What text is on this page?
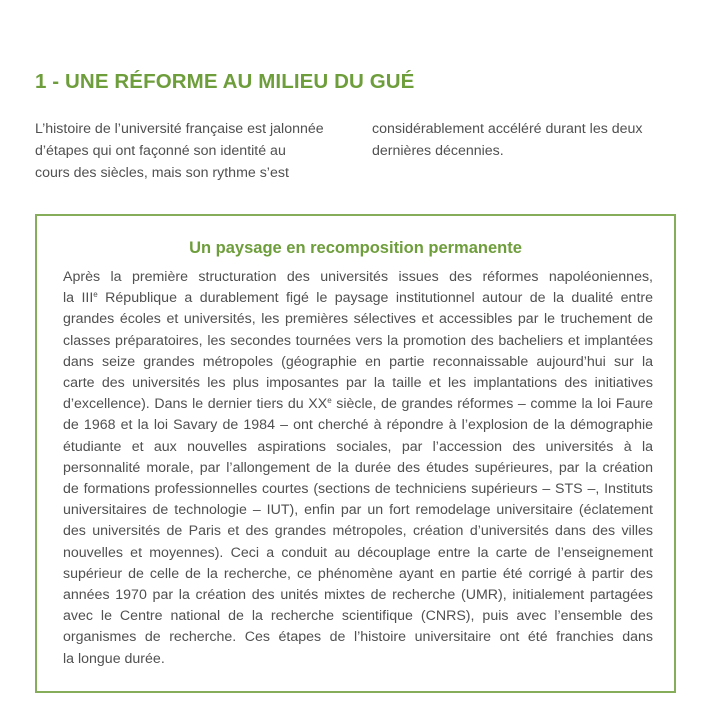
1 - UNE RÉFORME AU MILIEU DU GUÉ

L’histoire de l’université française est jalonnée
d’étapes qui ont façonné son identité au
cours des siècles, mais son rythme s’est

considérablement accéléré durant les deux
dernières décennies.

Un paysage en recomposition permanente

Après la première structuration des universités issues des réformes napoléoniennes,
la IIIe République a durablement figé le paysage institutionnel autour de la dualité entre
grandes écoles et universités, les premières sélectives et accessibles par le truchement de
classes préparatoires, les secondes tournées vers la promotion des bacheliers et implantées
dans seize grandes métropoles (géographie en partie reconnaissable aujourd’hui sur la
carte des universités les plus imposantes par la taille et les implantations des initiatives
d’excellence). Dans le dernier tiers du XXe siècle, de grandes réformes – comme la loi Faure
de 1968 et la loi Savary de 1984 – ont cherché à répondre à l’explosion de la démographie
étudiante et aux nouvelles aspirations sociales, par l’accession des universités à la
personnalité morale, par l’allongement de la durée des études supérieures, par la création
de formations professionnelles courtes (sections de techniciens supérieurs – STS –, Instituts
universitaires de technologie – IUT), enfin par un fort remodelage universitaire (éclatement
des universités de Paris et des grandes métropoles, création d’universités dans des villes
nouvelles et moyennes). Ceci a conduit au découplage entre la carte de l’enseignement
supérieur de celle de la recherche, ce phénomène ayant en partie été corrigé à partir des
années 1970 par la création des unités mixtes de recherche (UMR), initialement partagées
avec le Centre national de la recherche scientifique (CNRS), puis avec l’ensemble des
organismes de recherche. Ces étapes de l’histoire universitaire ont été franchies dans
la longue durée.
